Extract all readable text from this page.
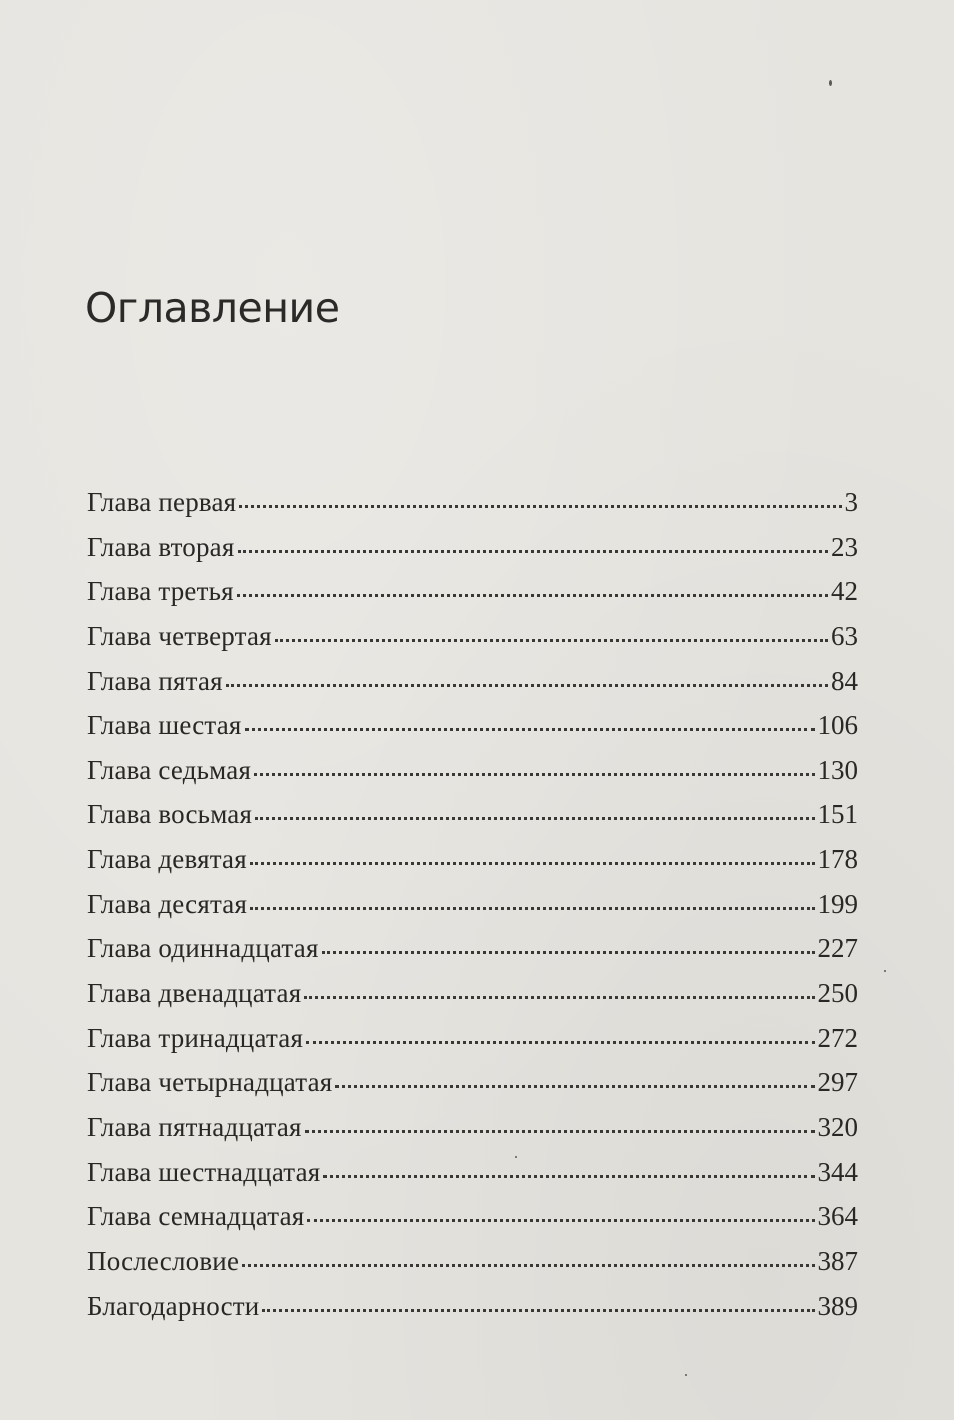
Оглавление
Глава первая	3
Глава вторая	23
Глава третья	42
Глава четвертая	63
Глава пятая	84
Глава шестая	106
Глава седьмая	130
Глава восьмая	151
Глава девятая	178
Глава десятая	199
Глава одиннадцатая	227
Глава двенадцатая	250
Глава тринадцатая	272
Глава четырнадцатая	297
Глава пятнадцатая	320
Глава шестнадцатая	344
Глава семнадцатая	364
Послесловие	387
Благодарности	389
